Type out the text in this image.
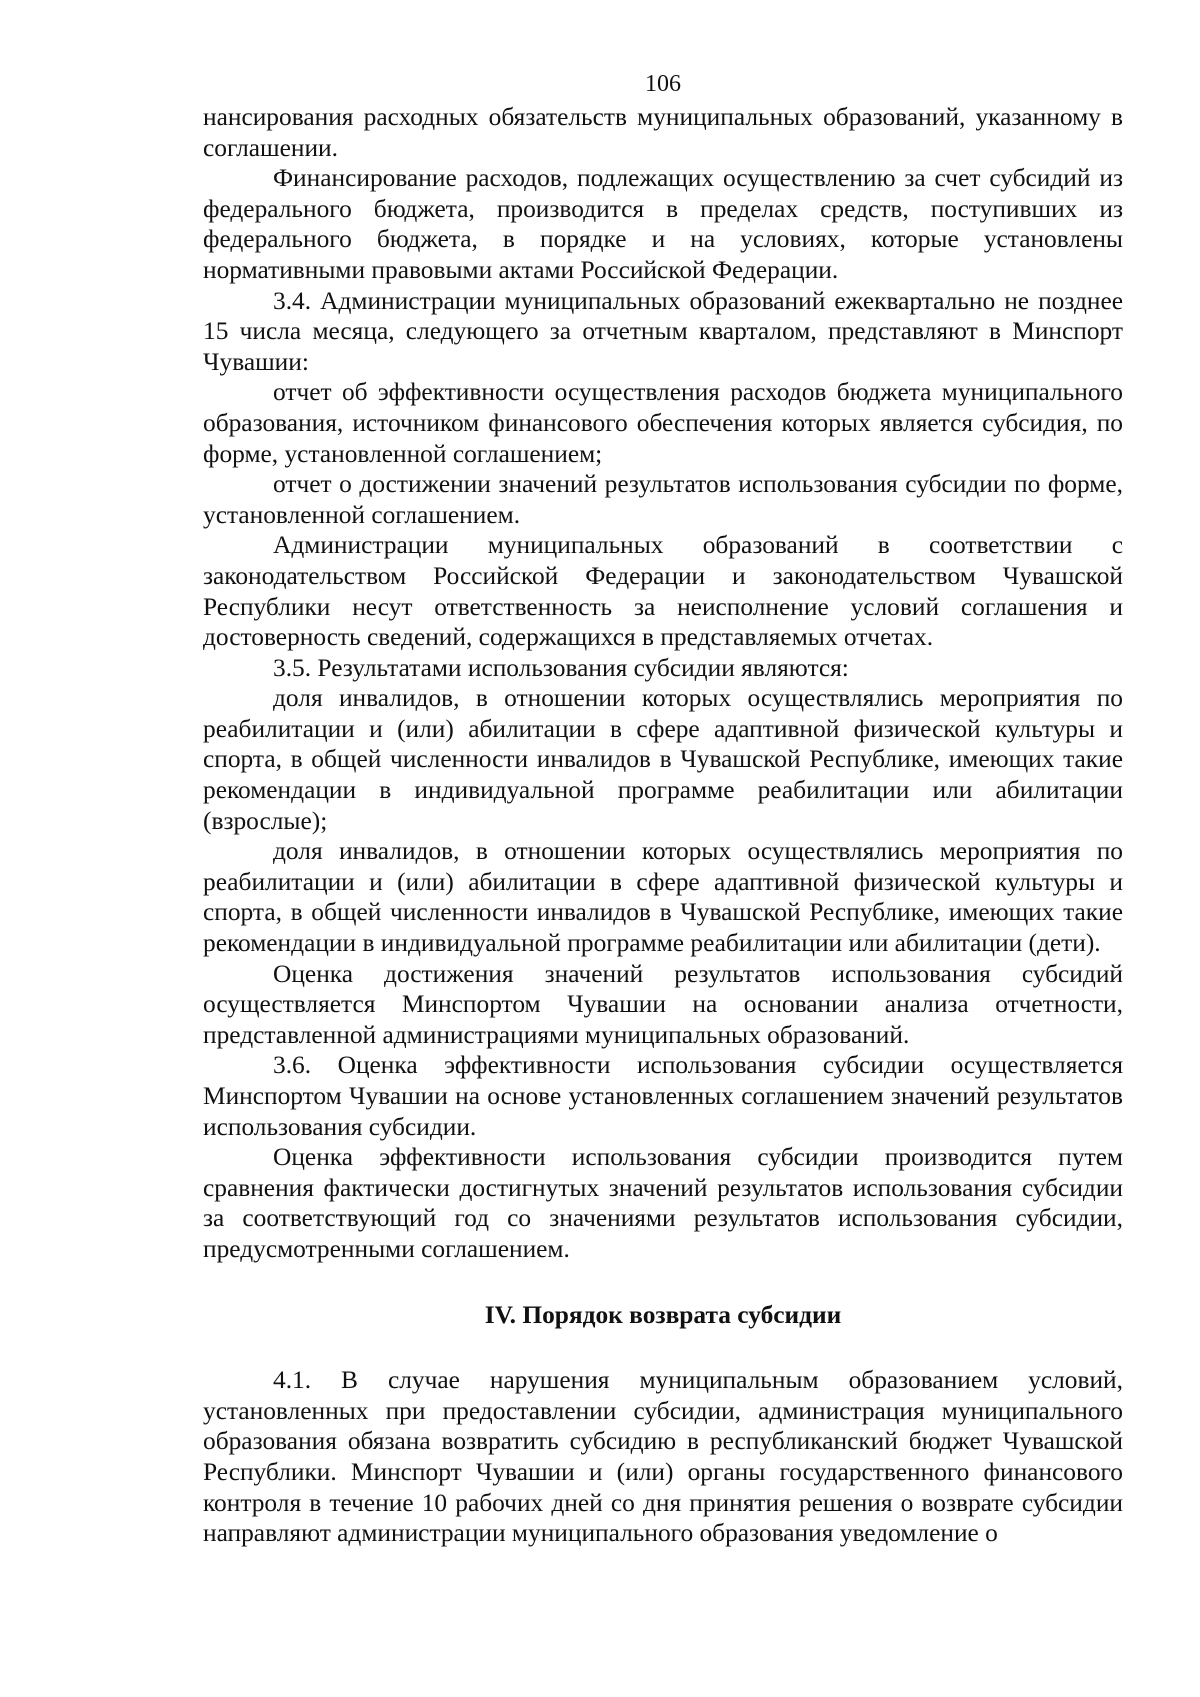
106

нансирования расходных обязательств муниципальных образований, указанному в соглашении.

Финансирование расходов, подлежащих осуществлению за счет субсидий из федерального бюджета, производится в пределах средств, поступивших из федерального бюджета, в порядке и на условиях, которые установлены нормативными правовыми актами Российской Федерации.

3.4. Администрации муниципальных образований ежеквартально не позднее 15 числа месяца, следующего за отчетным кварталом, представляют в Минспорт Чувашии:

отчет об эффективности осуществления расходов бюджета муниципального образования, источником финансового обеспечения которых является субсидия, по форме, установленной соглашением;

отчет о достижении значений результатов использования субсидии по форме, установленной соглашением.

Администрации муниципальных образований в соответствии с законодательством Российской Федерации и законодательством Чувашской Республики несут ответственность за неисполнение условий соглашения и достоверность сведений, содержащихся в представляемых отчетах.

3.5. Результатами использования субсидии являются:

доля инвалидов, в отношении которых осуществлялись мероприятия по реабилитации и (или) абилитации в сфере адаптивной физической культуры и спорта, в общей численности инвалидов в Чувашской Республике, имеющих такие рекомендации в индивидуальной программе реабилитации или абилитации (взрослые);

доля инвалидов, в отношении которых осуществлялись мероприятия по реабилитации и (или) абилитации в сфере адаптивной физической культуры и спорта, в общей численности инвалидов в Чувашской Республике, имеющих такие рекомендации в индивидуальной программе реабилитации или абилитации (дети).

Оценка достижения значений результатов использования субсидий осуществляется Минспортом Чувашии на основании анализа отчетности, представленной администрациями муниципальных образований.

3.6. Оценка эффективности использования субсидии осуществляется Минспортом Чувашии на основе установленных соглашением значений результатов использования субсидии.

Оценка эффективности использования субсидии производится путем сравнения фактически достигнутых значений результатов использования субсидии за соответствующий год со значениями результатов использования субсидии, предусмотренными соглашением.

IV. Порядок возврата субсидии

4.1. В случае нарушения муниципальным образованием условий, установленных при предоставлении субсидии, администрация муниципального образования обязана возвратить субсидию в республиканский бюджет Чувашской Республики. Минспорт Чувашии и (или) органы государственного финансового контроля в течение 10 рабочих дней со дня принятия решения о возврате субсидии направляют администрации муниципального образования уведомление о
